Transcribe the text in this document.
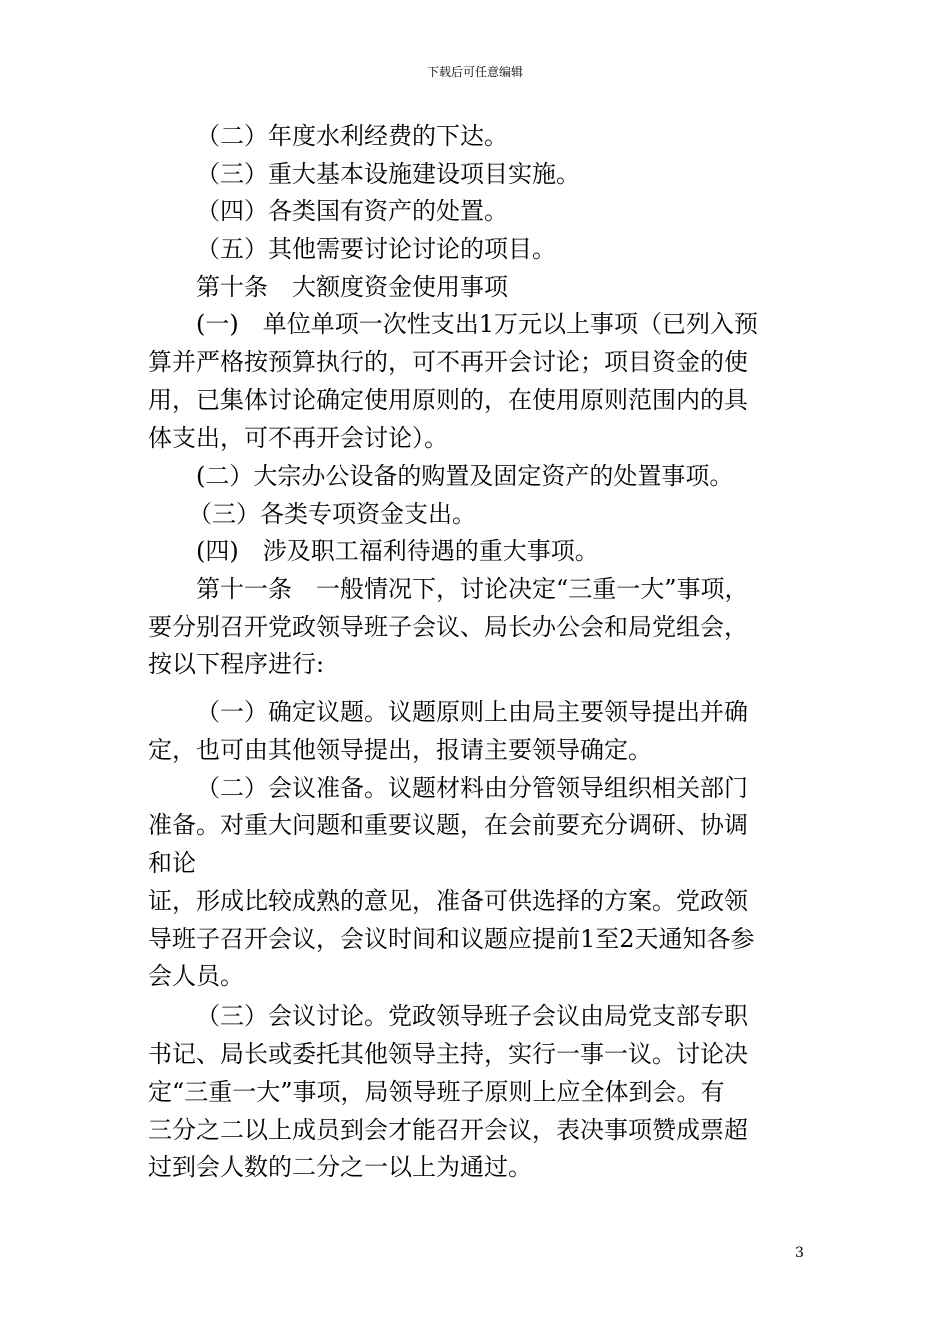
下载后可任意编辑
（二）年度水利经费的下达。
（三）重大基本设施建设项目实施。
（四）各类国有资产的处置。
（五）其他需要讨论讨论的项目。
第十条　大额度资金使用事项
(一)　单位单项一次性支出1万元以上事项（已列入预
算并严格按预算执行的，可不再开会讨论；项目资金的使
用，已集体讨论确定使用原则的，在使用原则范围内的具
体支出，可不再开会讨论）。
(二）大宗办公设备的购置及固定资产的处置事项。
（三）各类专项资金支出。
(四)　涉及职工福利待遇的重大事项。
第十一条　一般情况下，讨论决定“三重一大”事项，
要分别召开党政领导班子会议、局长办公会和局党组会，
按以下程序进行:
（一）确定议题。议题原则上由局主要领导提出并确
定，也可由其他领导提出，报请主要领导确定。
（二）会议准备。议题材料由分管领导组织相关部门
准备。对重大问题和重要议题，在会前要充分调研、协调
和论
证，形成比较成熟的意见，准备可供选择的方案。党政领
导班子召开会议，会议时间和议题应提前1至2天通知各参
会人员。
（三）会议讨论。党政领导班子会议由局党支部专职
书记、局长或委托其他领导主持，实行一事一议。讨论决
定“三重一大”事项，局领导班子原则上应全体到会。有
三分之二以上成员到会才能召开会议，表决事项赞成票超
过到会人数的二分之一以上为通过。
3
